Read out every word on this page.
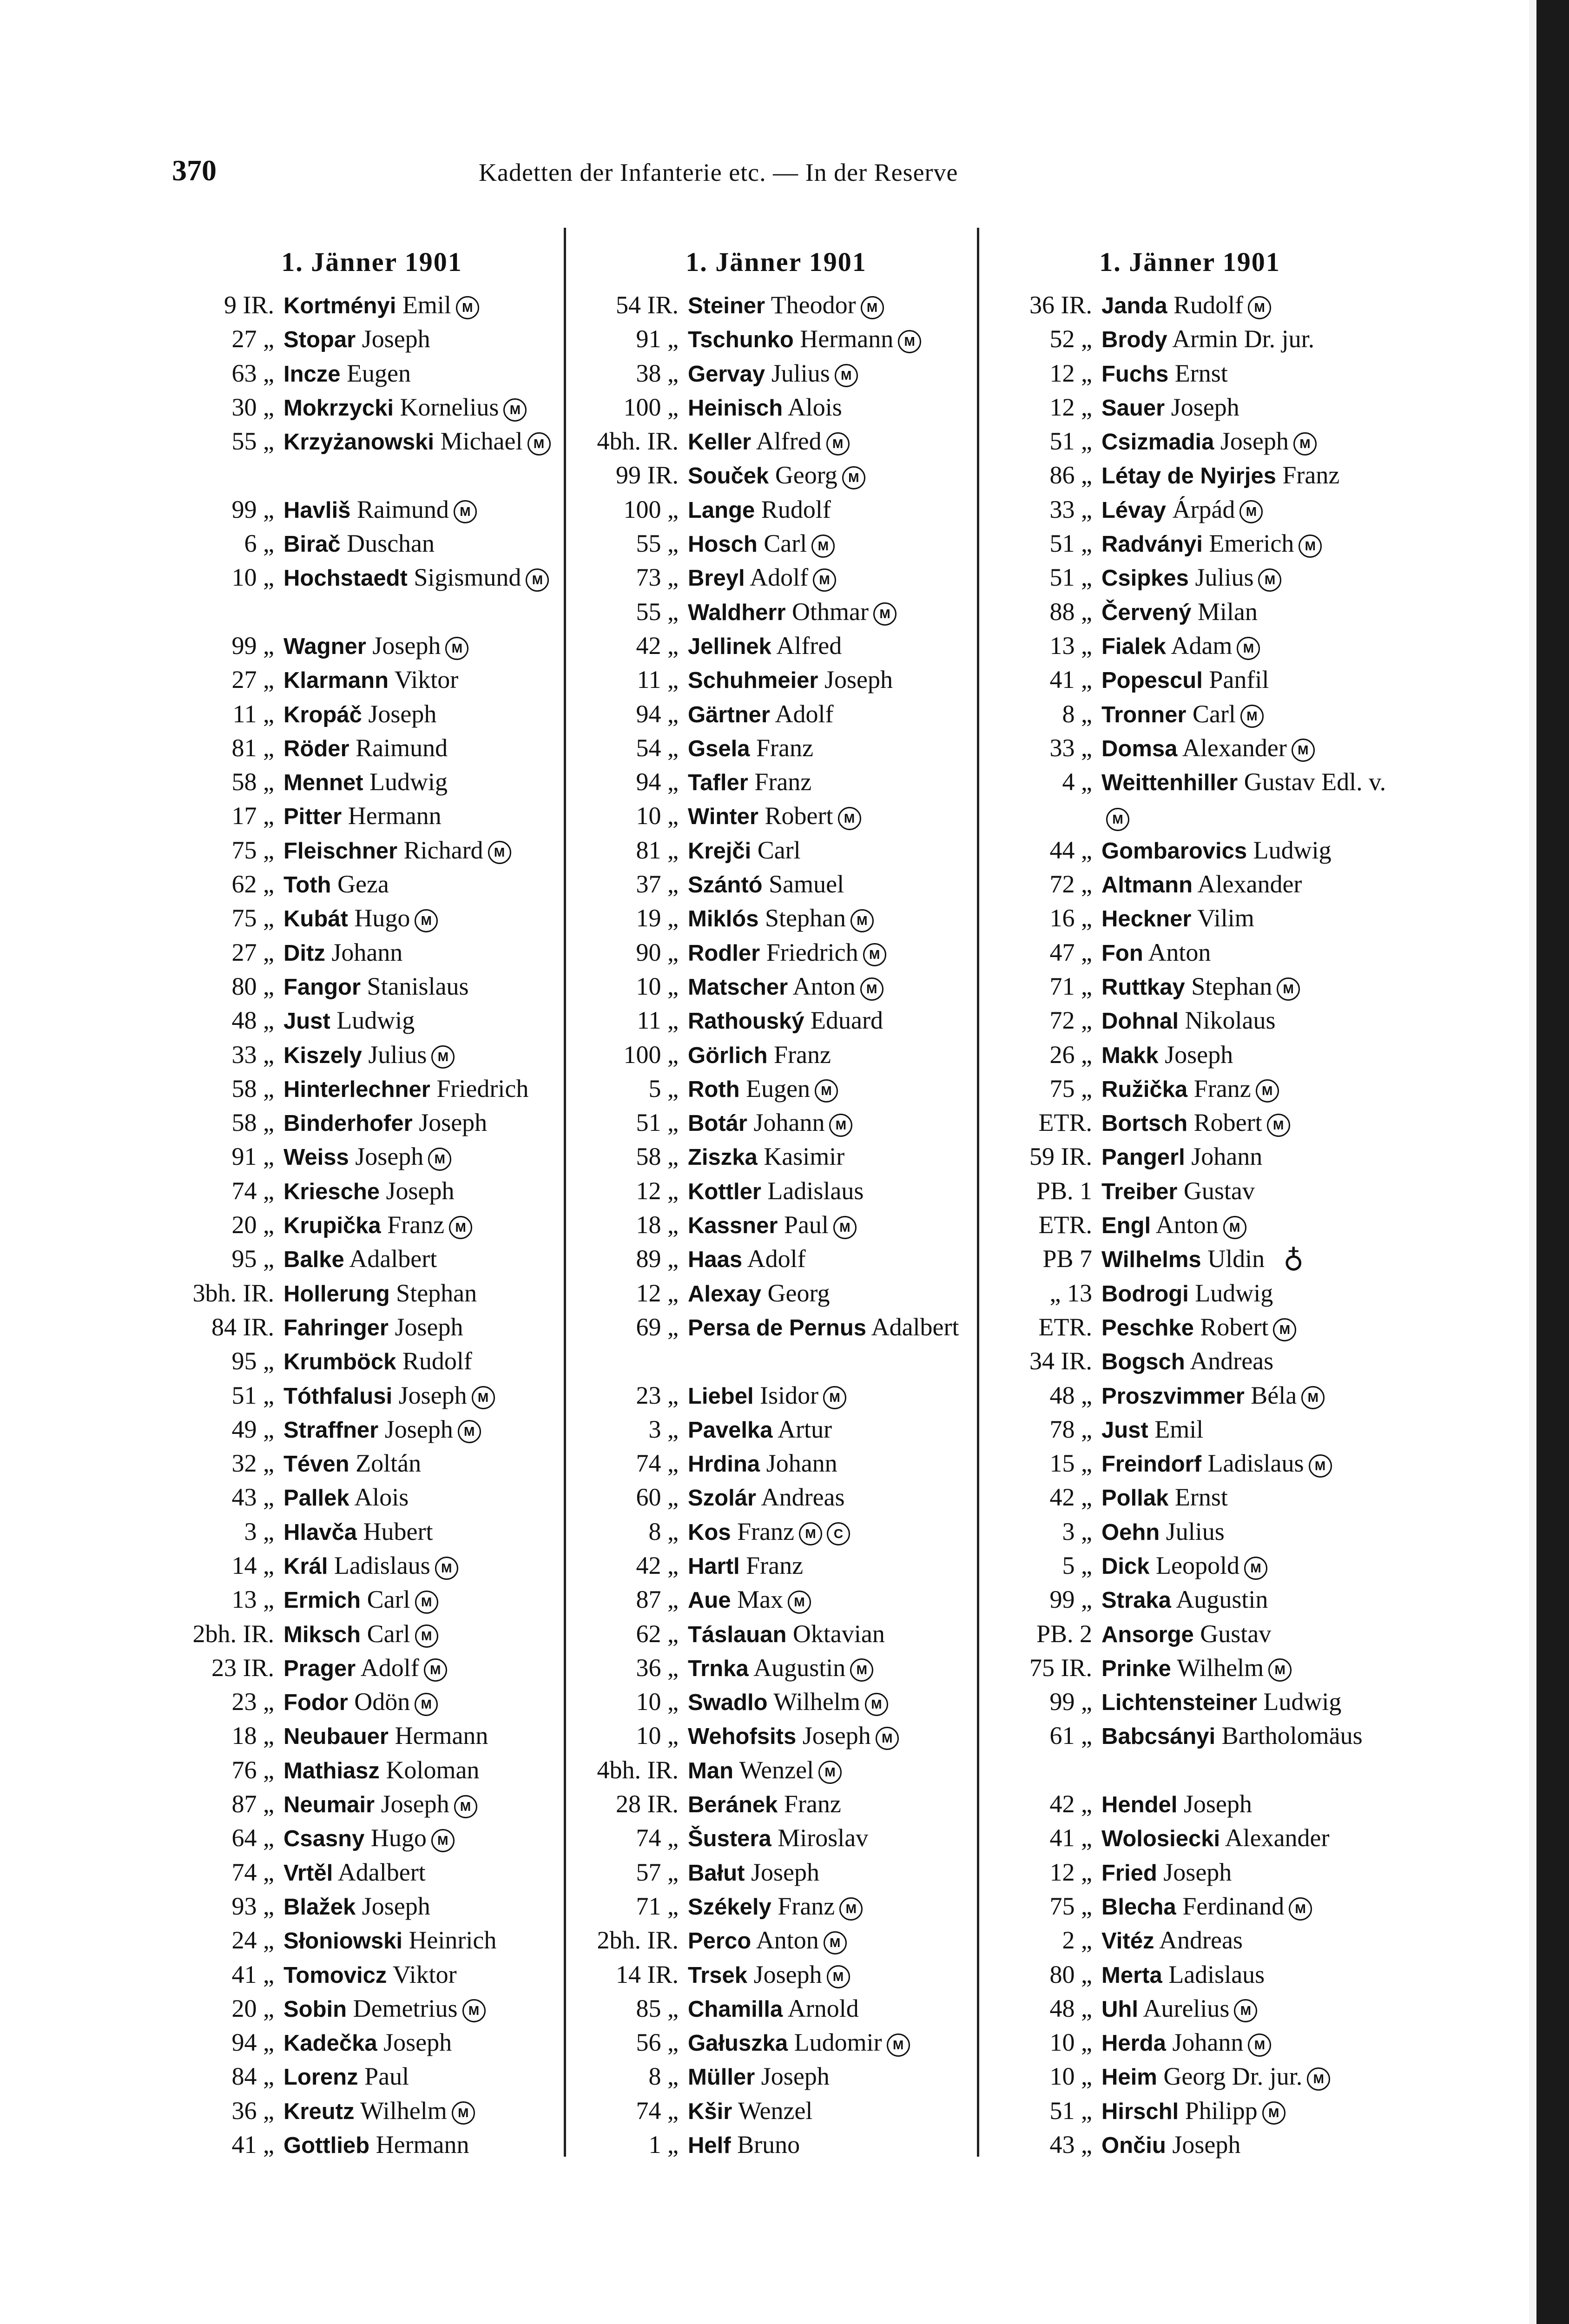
370	Kadetten der Infanterie etc. — In der Reserve
1. Jänner 1901
9 IR. Kortményi Emil M
27 „ Stopar Joseph
63 „ Incze Eugen
30 „ Mokrzycki Kornelius M
55 „ Krzyżanowski Michael M
99 „ Havliš Raimund M
6 „ Birač Duschan
10 „ Hochstaedt Sigismund M
99 „ Wagner Joseph M
27 „ Klarmann Viktor
11 „ Kropáč Joseph
81 „ Röder Raimund
58 „ Mennet Ludwig
17 „ Pitter Hermann
75 „ Fleischner Richard M
62 „ Toth Geza
75 „ Kubát Hugo M
27 „ Ditz Johann
80 „ Fangor Stanislaus
48 „ Just Ludwig
33 „ Kiszely Julius M
58 „ Hinterlechner Friedrich
58 „ Binderhofer Joseph
91 „ Weiss Joseph M
74 „ Kriesche Joseph
20 „ Krupička Franz M
95 „ Balke Adalbert
3bh. IR. Hollerung Stephan
84 IR. Fahringer Joseph
95 „ Krumböck Rudolf
51 „ Tóthfalusi Joseph M
49 „ Straffner Joseph M
32 „ Téven Zoltán
43 „ Pallek Alois
3 „ Hlavča Hubert
14 „ Král Ladislaus M
13 „ Ermich Carl M
2bh. IR. Miksch Carl M
23 IR. Prager Adolf M
23 „ Fodor Odön M
18 „ Neubauer Hermann
76 „ Mathiasz Koloman
87 „ Neumair Joseph M
64 „ Csasny Hugo M
74 „ Vrtěl Adalbert
93 „ Blažek Joseph
24 „ Słoniowski Heinrich
41 „ Tomovicz Viktor
20 „ Sobin Demetrius M
94 „ Kadečka Joseph
84 „ Lorenz Paul
36 „ Kreutz Wilhelm M
41 „ Gottlieb Hermann
1. Jänner 1901
54 IR. Steiner Theodor M
91 „ Tschunko Hermann M
38 „ Gervay Julius M
100 „ Heinisch Alois
4bh. IR. Keller Alfred M
99 IR. Souček Georg M
100 „ Lange Rudolf
55 „ Hosch Carl M
73 „ Breyl Adolf M
55 „ Waldherr Othmar M
42 „ Jellinek Alfred
11 „ Schuhmeier Joseph
94 „ Gärtner Adolf
54 „ Gsela Franz
94 „ Tafler Franz
10 „ Winter Robert M
81 „ Krejči Carl
37 „ Szántó Samuel
19 „ Miklós Stephan M
90 „ Rodler Friedrich M
10 „ Matscher Anton M
11 „ Rathouský Eduard
100 „ Görlich Franz
5 „ Roth Eugen M
51 „ Botár Johann M
58 „ Ziszka Kasimir
12 „ Kottler Ladislaus
18 „ Kassner Paul M
89 „ Haas Adolf
12 „ Alexay Georg
69 „ Persa de Pernus Adalbert
23 „ Liebel Isidor M
3 „ Pavelka Artur
74 „ Hrdina Johann
60 „ Szolár Andreas
8 „ Kos Franz M C
42 „ Hartl Franz
87 „ Aue Max M
62 „ Táslauan Oktavian
36 „ Trnka Augustin M
10 „ Swadlo Wilhelm M
10 „ Wehofsits Joseph M
4bh. IR. Man Wenzel M
28 IR. Beránek Franz
74 „ Šustera Miroslav
57 „ Bałut Joseph
71 „ Székely Franz M
2bh. IR. Perco Anton M
14 IR. Trsek Joseph M
85 „ Chamilla Arnold
56 „ Gałuszka Ludomir M
8 „ Müller Joseph
74 „ Kšir Wenzel
1 „ Helf Bruno
1. Jänner 1901
36 IR. Janda Rudolf M
52 „ Brody Armin Dr. jur.
12 „ Fuchs Ernst
12 „ Sauer Joseph
51 „ Csizmadia Joseph M
86 „ Létay de Nyirjes Franz
33 „ Lévay Árpád M
51 „ Radványi Emerich M
51 „ Csipkes Julius M
88 „ Červený Milan
13 „ Fialek Adam M
41 „ Popescul Panfil
8 „ Tronner Carl M
33 „ Domsa Alexander M
4 „ Weittenhiller Gustav Edl. v.M
44 „ Gombarovics Ludwig
72 „ Altmann Alexander
16 „ Heckner Vilim
47 „ Fon Anton
71 „ Ruttkay Stephan M
72 „ Dohnal Nikolaus
26 „ Makk Joseph
75 „ Ružička Franz M
ETR. Bortsch Robert M
59 IR. Pangerl Johann
PB. 1 Treiber Gustav
ETR. Engl Anton M
PB 7 Wilhelms Uldin ♁
„ 13 Bodrogi Ludwig
ETR. Peschke Robert M
34 IR. Bogsch Andreas
48 „ Proszvimmer Béla M
78 „ Just Emil
15 „ Freindorf Ladislaus M
42 „ Pollak Ernst
3 „ Oehn Julius
5 „ Dick Leopold M
99 „ Straka Augustin
PB. 2 Ansorge Gustav
75 IR. Prinke Wilhelm M
99 „ Lichtensteiner Ludwig
61 „ Babcsányi Bartholomäus
42 „ Hendel Joseph
41 „ Wolosiecki Alexander
12 „ Fried Joseph
75 „ Blecha Ferdinand M
2 „ Vitéz Andreas
80 „ Merta Ladislaus
48 „ Uhl Aurelius M
10 „ Herda Johann M
10 „ Heim Georg Dr. jur. M
51 „ Hirschl Philipp M
43 „ Ončiu Joseph
